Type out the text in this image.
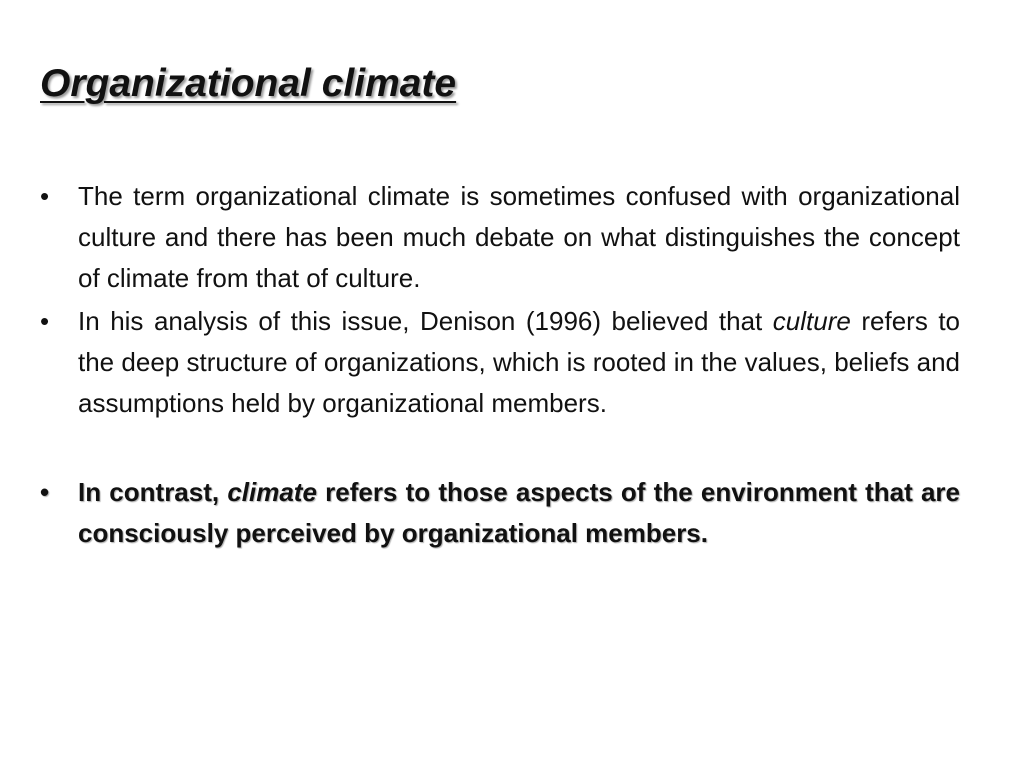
Organizational climate
•	The term organizational climate is sometimes confused with organizational culture and there has been much debate on what distinguishes the concept of climate from that of culture.
•	In his analysis of this issue, Denison (1996) believed that culture refers to the deep structure of organizations, which is rooted in the values, beliefs and assumptions held by organizational members.
•	In contrast, climate refers to those aspects of the environment that are consciously perceived by organizational members.
